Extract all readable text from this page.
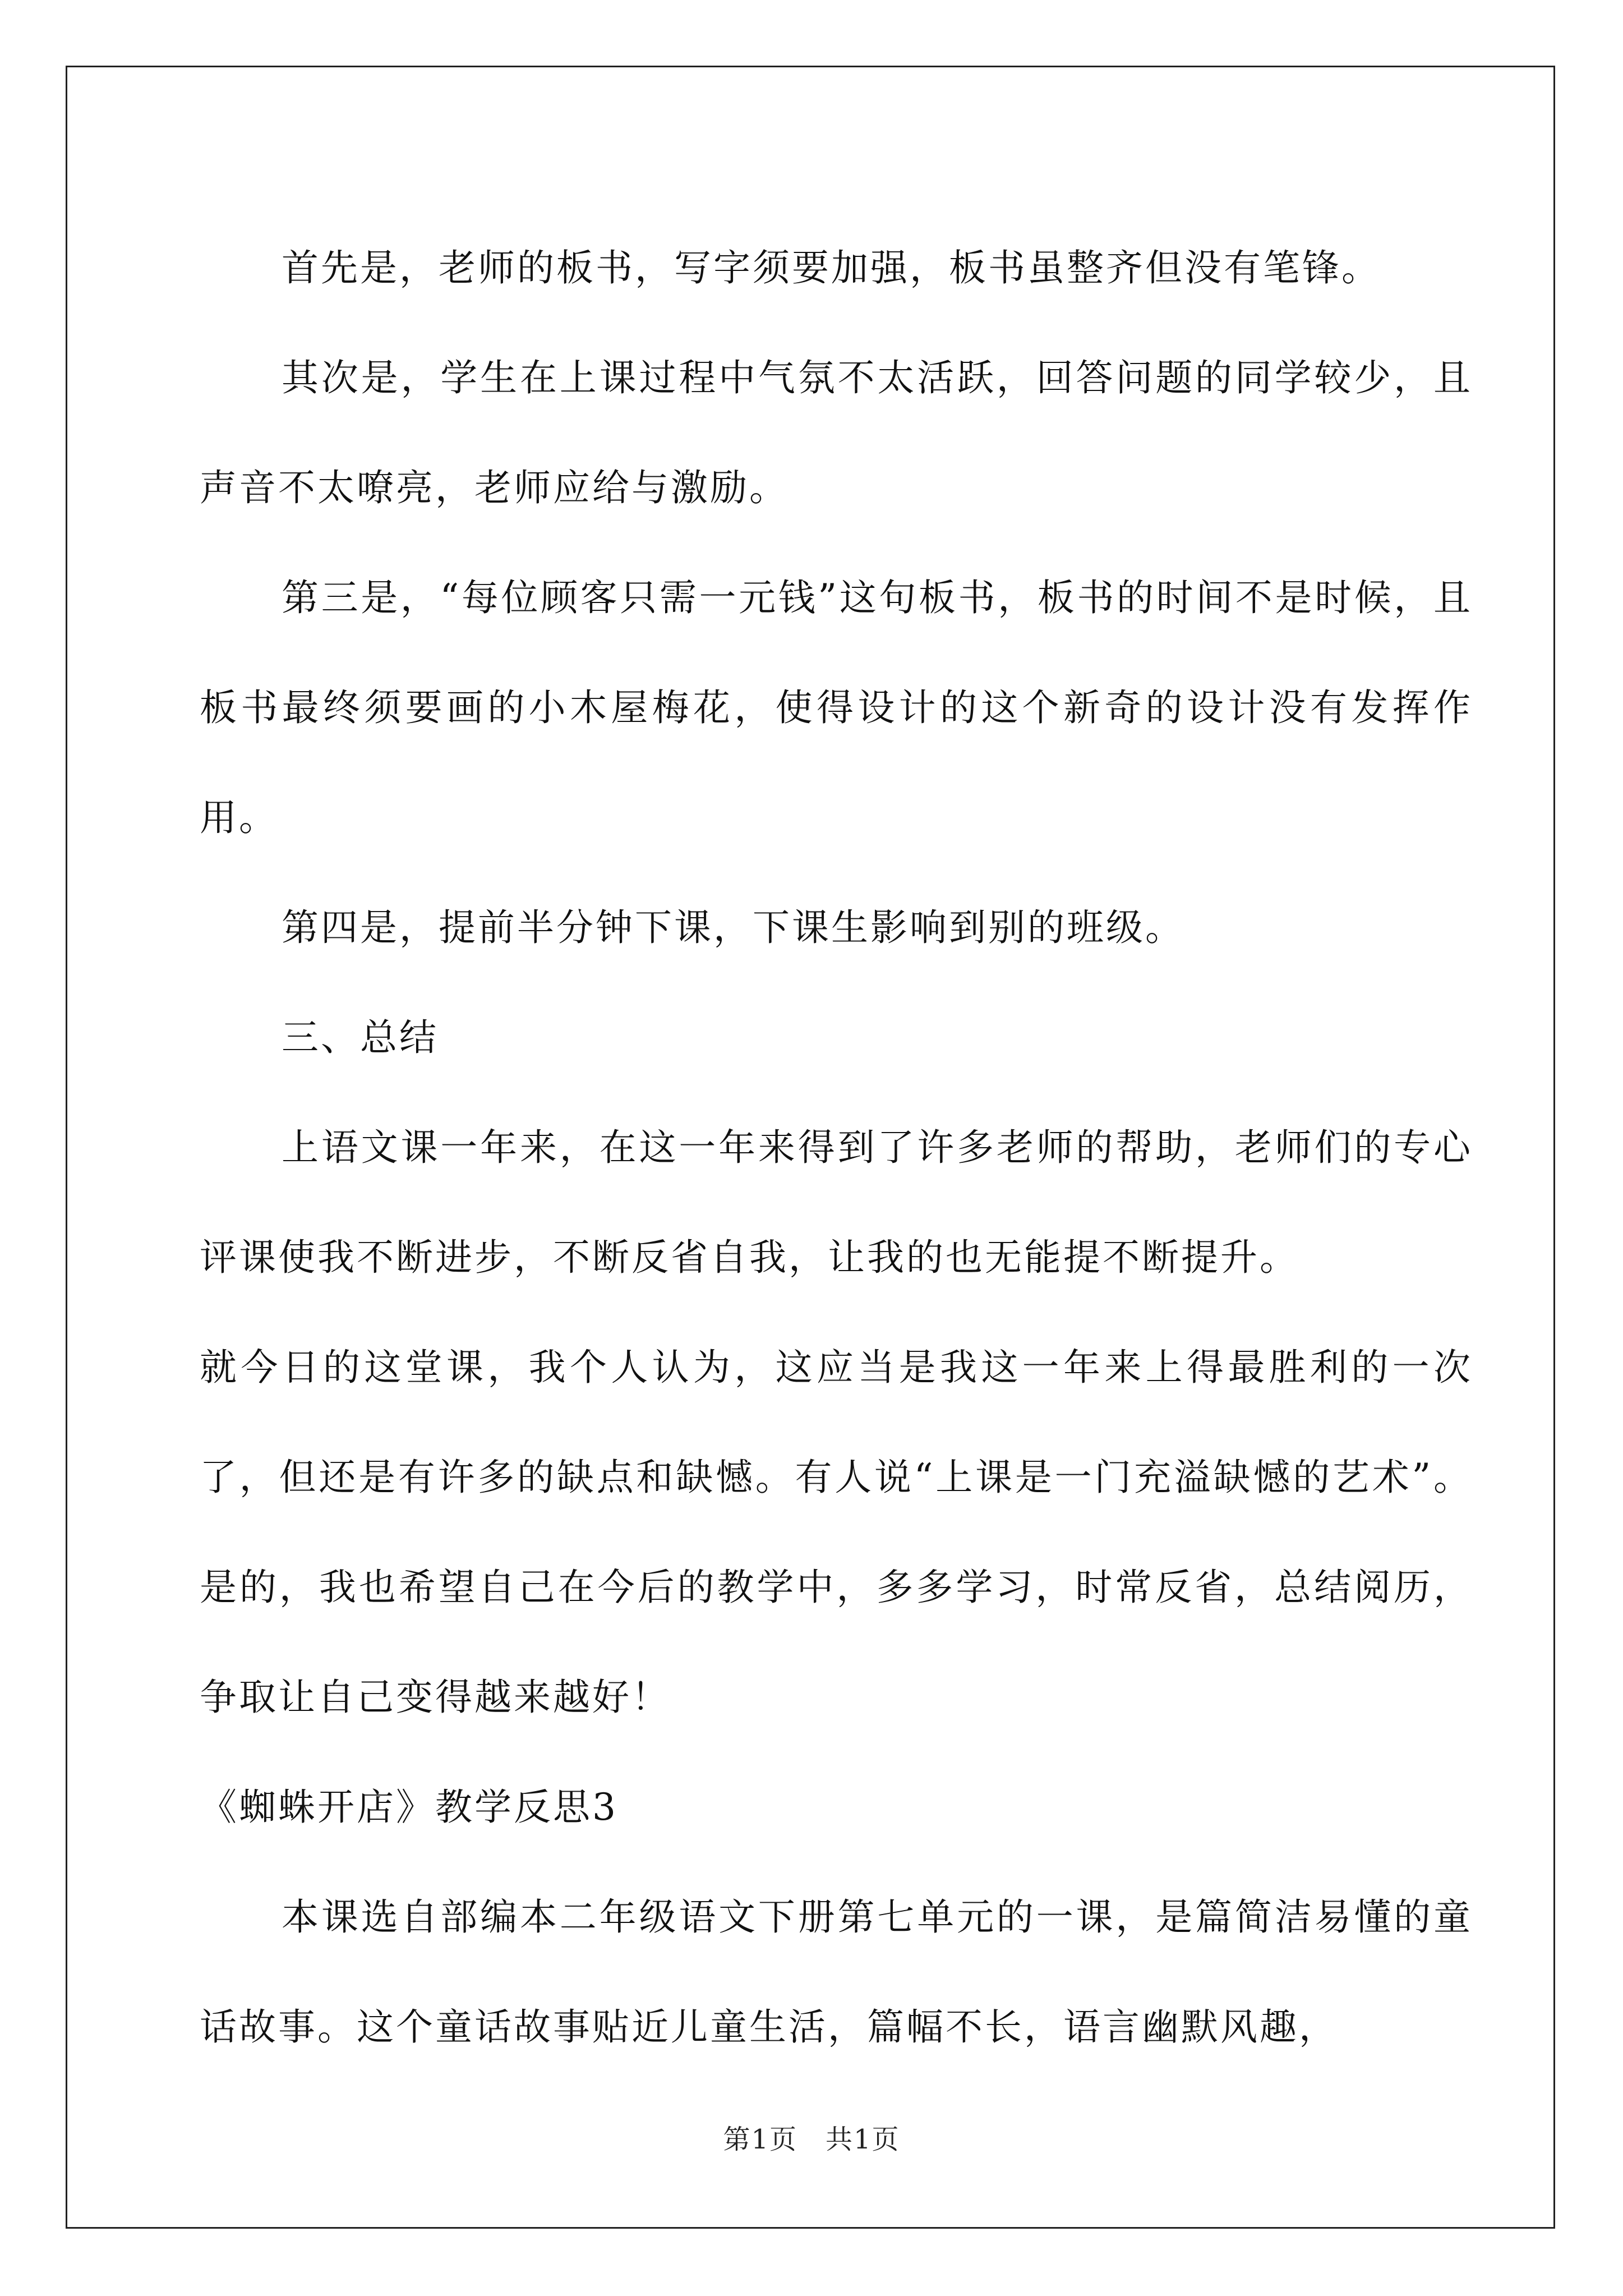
首先是，老师的板书，写字须要加强，板书虽整齐但没有笔锋。

其次是，学生在上课过程中气氛不太活跃，回答问题的同学较少，且声音不太嘹亮，老师应给与激励。

第三是，“每位顾客只需一元钱”这句板书，板书的时间不是时候，且板书最终须要画的小木屋梅花，使得设计的这个新奇的设计没有发挥作用。

第四是，提前半分钟下课，下课生影响到别的班级。

三、总结

上语文课一年来，在这一年来得到了许多老师的帮助，老师们的专心评课使我不断进步，不断反省自我，让我的也无能提不断提升。

就今日的这堂课，我个人认为，这应当是我这一年来上得最胜利的一次了，但还是有许多的缺点和缺憾。有人说“上课是一门充溢缺憾的艺术”。是的，我也希望自己在今后的教学中，多多学习，时常反省，总结阅历，争取让自己变得越来越好！

《蜘蛛开店》教学反思3

本课选自部编本二年级语文下册第七单元的一课，是篇简洁易懂的童话故事。这个童话故事贴近儿童生活，篇幅不长，语言幽默风趣，

第1页　共1页
